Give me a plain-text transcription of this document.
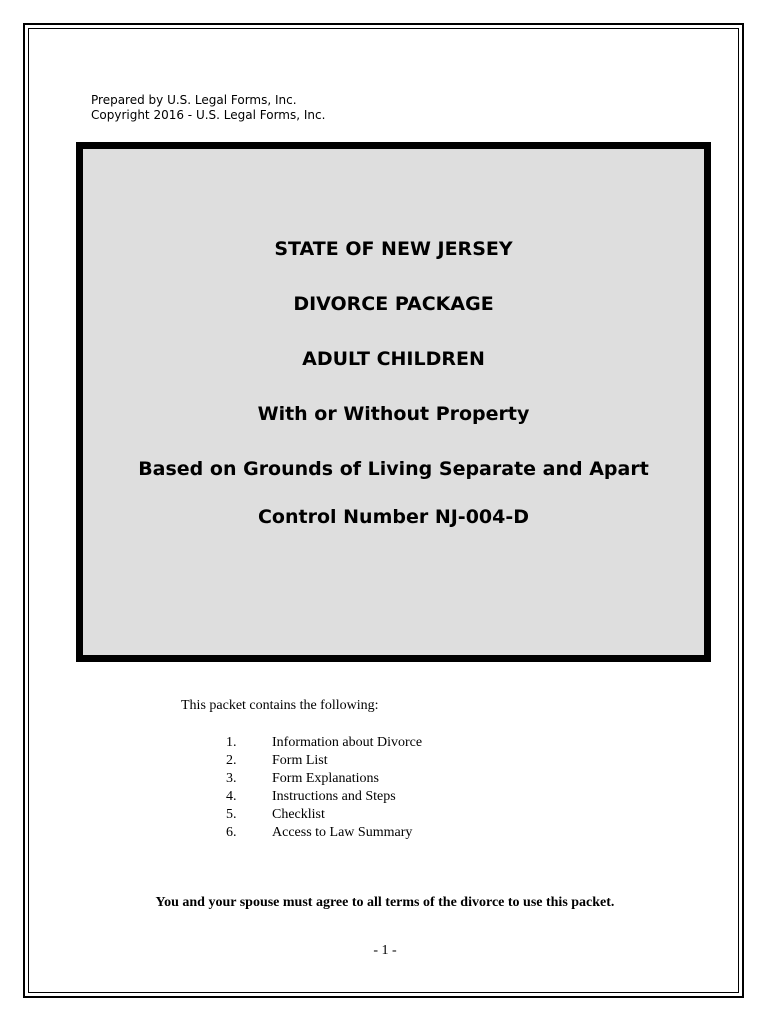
Prepared by U.S. Legal Forms, Inc.
Copyright 2016 - U.S. Legal Forms, Inc.
STATE OF NEW JERSEY
DIVORCE PACKAGE
ADULT CHILDREN
With or Without Property
Based on Grounds of Living Separate and Apart
Control Number NJ-004-D
This packet contains the following:
1.	Information about Divorce
2.	Form List
3.	Form Explanations
4.	Instructions and Steps
5.	Checklist
6.	Access to Law Summary
You and your spouse must agree to all terms of the divorce to use this packet.
- 1 -
